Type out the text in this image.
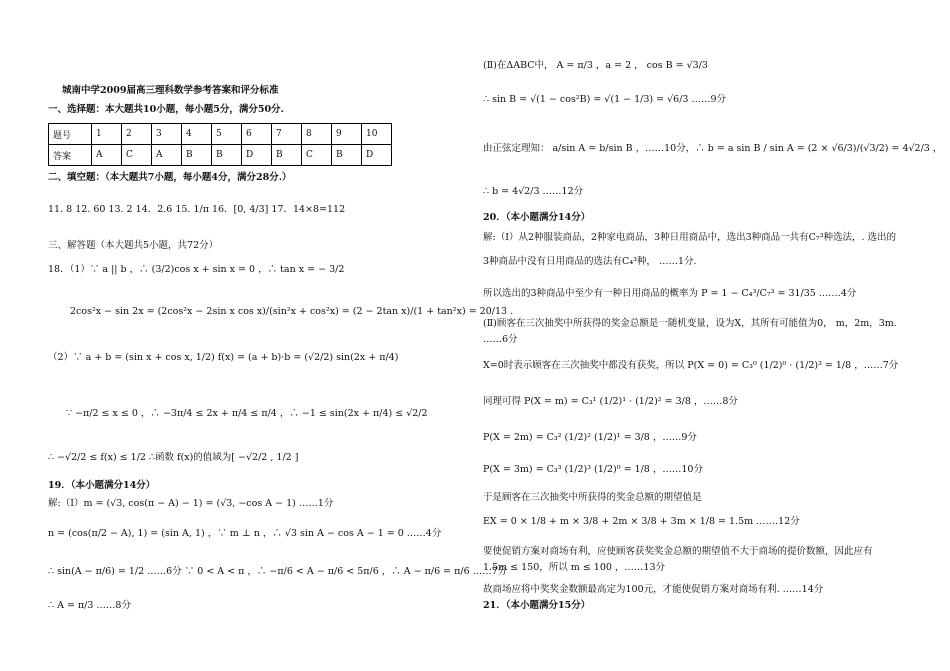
城南中学2009届高三理科数学参考答案和评分标准
一、选择题：本大题共10小题，每小题5分，满分50分.
题号	1	2	3	4	5	6	7	8	9	10
答案	A	C	A	B	B	D	B	C	B	D
二、填空题：（本大题共7小题，每小题4分，满分28分.）
11. 8 12. 60 13. 2 14．2.6 15. 1/π 16．[0, 4/3] 17．14×8=112
三、解答题（本大题共5小题，共72分）
18．（1）∵ a || b ，∴ (3/2)cos x + sin x = 0 ，∴ tan x = − 3/2
2cos²x − sin 2x = (2cos²x − 2sin x cos x)/(sin²x + cos²x) = (2 − 2tan x)/(1 + tan²x) = 20/13 .
（2）∵ a + b = (sin x + cos x, 1/2) f(x) = (a + b)·b = (√2/2) sin(2x + π/4)
∵ −π/2 ≤ x ≤ 0 ，∴ −3π/4 ≤ 2x + π/4 ≤ π/4 ，∴ −1 ≤ sin(2x + π/4) ≤ √2/2
∴ −√2/2 ≤ f(x) ≤ 1/2 ∴函数 f(x)的值域为[ −√2/2 , 1/2 ]
19．（本小题满分14分）
解:（Ⅰ）m = (√3, cos(π − A) − 1) = (√3, −cos A − 1) ……1分
n = (cos(π/2 − A), 1) = (sin A, 1) ，∵ m ⊥ n ，∴ √3 sin A − cos A − 1 = 0 ……4分
∴ sin(A − π/6) = 1/2 ……6分 ∵ 0 < A < π ，∴ −π/6 < A − π/6 < 5π/6 ，∴ A − π/6 = π/6 ……7分
∴ A = π/3 ……8分
(Ⅱ)在ΔABC中， A = π/3 ，a = 2 ， cos B = √3/3
∴ sin B = √(1 − cos²B) = √(1 − 1/3) = √6/3 ……9分
由正弦定理知： a/sin A = b/sin B ，……10分，∴ b = a sin B / sin A = (2 × √6/3)/(√3/2) = 4√2/3 ，
∴ b = 4√2/3 ……12分
20．（本小题满分14分）
解:（Ⅰ）从2种服装商品，2种家电商品，3种日用商品中，选出3种商品一共有C₇³种选法，. 选出的
3种商品中没有日用商品的选法有C₄³种， ……1分.
所以选出的3种商品中至少有一种日用商品的概率为 P = 1 − C₄³/C₇³ = 31/35 .……4分
(Ⅱ)顾客在三次抽奖中所获得的奖金总额是一随机变量，设为X，其所有可能值为0， m，2m，3m.
……6分
X=0时表示顾客在三次抽奖中都没有获奖，所以 P(X = 0) = C₃⁰ (1/2)⁰ · (1/2)³ = 1/8 ，……7分
同理可得 P(X = m) = C₃¹ (1/2)¹ · (1/2)² = 3/8 ，……8分
P(X = 2m) = C₃² (1/2)² (1/2)¹ = 3/8 ，……9分
P(X = 3m) = C₃³ (1/2)³ (1/2)⁰ = 1/8 ，……10分
于是顾客在三次抽奖中所获得的奖金总额的期望值是
EX = 0 × 1/8 + m × 3/8 + 2m × 3/8 + 3m × 1/8 = 1.5m .……12分
要使促销方案对商场有利，应使顾客获奖奖金总额的期望值不大于商场的提价数额，因此应有
1.5m ≤ 150，所以 m ≤ 100 ，……13分
故商场应将中奖奖金数额最高定为100元，才能使促销方案对商场有利. ……14分
21．（本小题满分15分）
